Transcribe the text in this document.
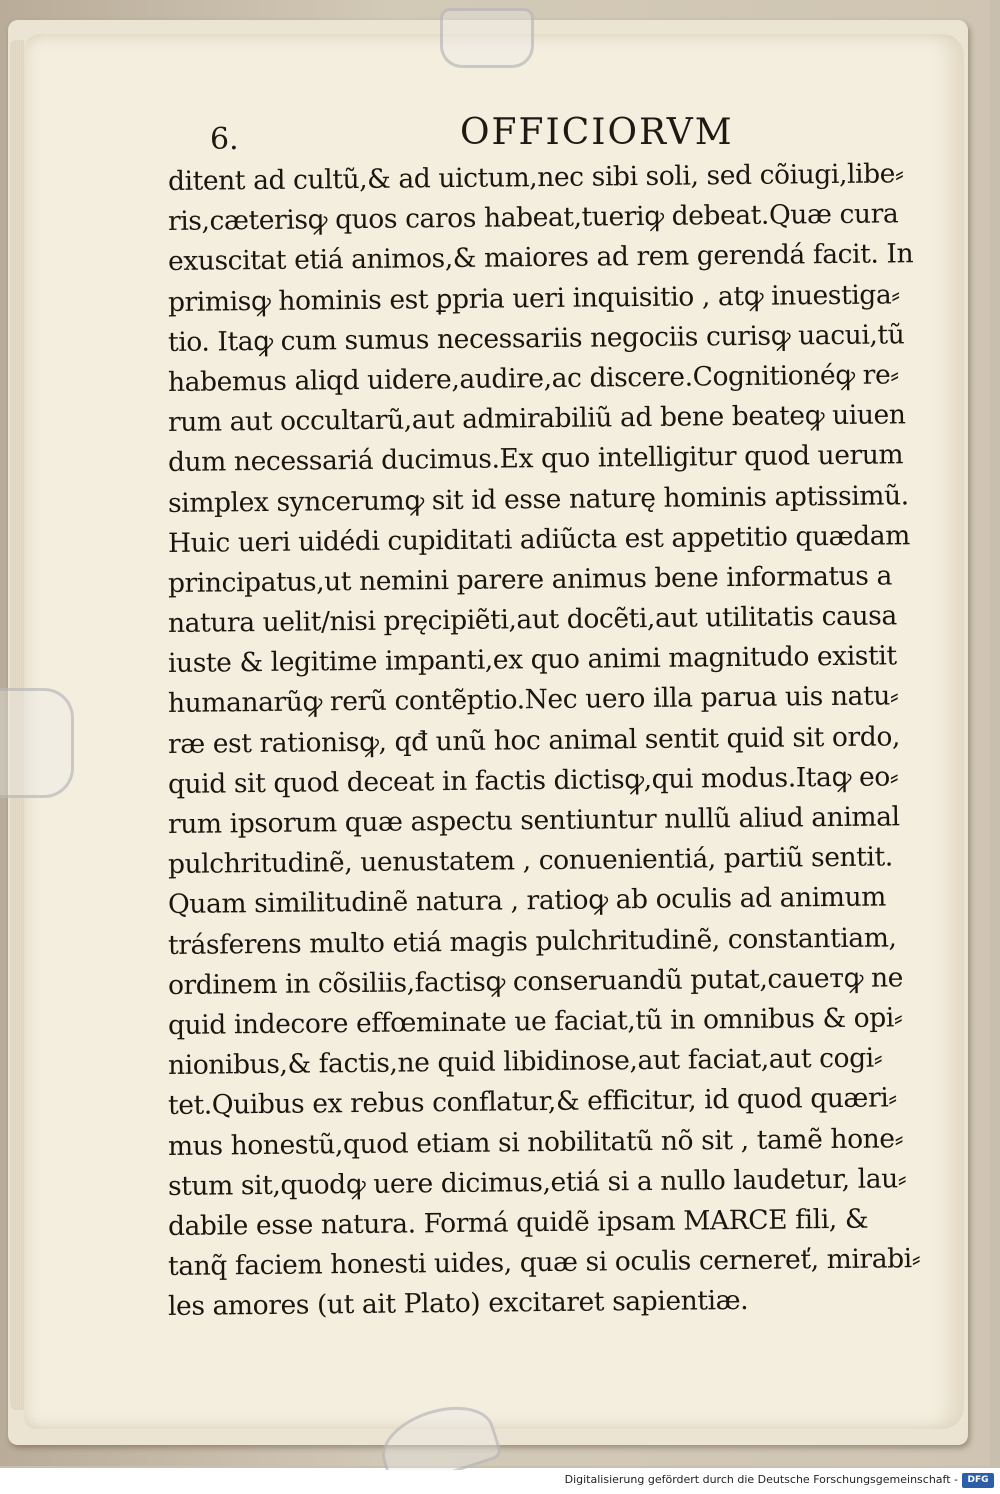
6.	OFFICIORVM
ditent ad cultũ,& ad uictum,nec sibi soli, sed cõiugi,libe⸗
ris,cæterisꝙ quos caros habeat,tueriꝙ debeat.Quæ cura
exuscitat etiá animos,& maiores ad rem gerendá facit. In
primisꝙ hominis est ꝑpria ueri inquisitio , atꝙ inuestiga⸗
tio. Itaꝙ cum sumus necessariis negociis curisꝙ uacui,tũ
habemus aliqd uidere,audire,ac discere.Cognitionéꝙ re⸗
rum aut occultarũ,aut admirabiliũ ad bene beateꝙ uiuen
dum necessariá ducimus.Ex quo intelligitur quod uerum
simplex syncerumꝙ sit id esse naturę hominis aptissimũ.
Huic ueri uidédi cupiditati adiũcta est appetitio quædam
principatus,ut nemini parere animus bene informatus a
natura uelit/nisi pręcipiẽti,aut docẽti,aut utilitatis causa
iuste & legitime impanti,ex quo animi magnitudo existit
humanarũꝙ rerũ contẽptio.Nec uero illa parua uis natu⸗
ræ est rationisꝙ, qđ unũ hoc animal sentit quid sit ordo,
quid sit quod deceat in factis dictisꝙ,qui modus.Itaꝙ eo⸗
rum ipsorum quæ aspectu sentiuntur nullũ aliud animal
pulchritudinẽ, uenustatem , conuenientiá, partiũ sentit.
Quam similitudinẽ natura , ratioꝙ ab oculis ad animum
trásferens multo etiá magis pulchritudinẽ, constantiam,
ordinem in cõsiliis,factisꝙ conseruandũ putat,caueтꝙ ne
quid indecore effœminate ue faciat,tũ in omnibus & opi⸗
nionibus,& factis,ne quid libidinose,aut faciat,aut cogi⸗
tet.Quibus ex rebus conflatur,& efficitur, id quod quæri⸗
mus honestũ,quod etiam si nobilitatũ nõ sit , tamẽ hone⸗
stum sit,quodꝙ uere dicimus,etiá si a nullo laudetur, lau⸗
dabile esse natura. Formá quidẽ ipsam MARCE fili, &
tanq̃ faciem honesti uides, quæ si oculis cernereť, mirabi⸗
les amores (ut ait Plato) excitaret sapientiæ.
Digitalisierung gefördert durch die Deutsche Forschungsgemeinschaft -	DFG
